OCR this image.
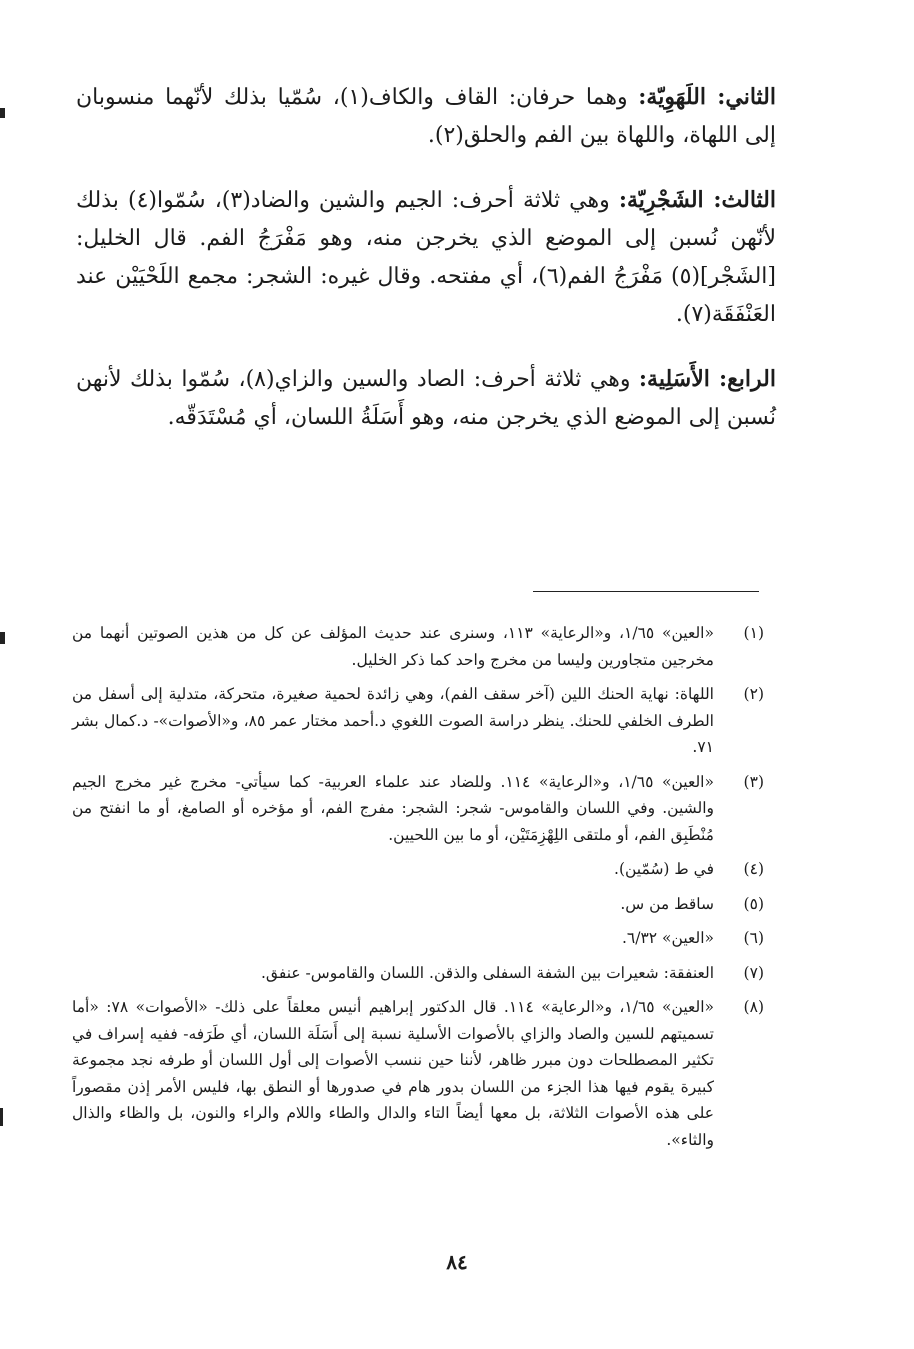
الثاني: اللَهَوِيّة: وهما حرفان: القاف والكاف(١)، سُمّيا بذلك لأنّهما منسوبان إلى اللهاة، واللهاة بين الفم والحلق(٢).

الثالث: الشَجْرِيّة: وهي ثلاثة أحرف: الجيم والشين والضاد(٣)، سُمّوا(٤) بذلك لأنّهن نُسبن إلى الموضع الذي يخرجن منه، وهو مَفْرَجُ الفم. قال الخليل: [الشَجْر](٥) مَفْرَجُ الفم(٦)، أي مفتحه. وقال غيره: الشجر: مجمع اللَحْيَيْن عند العَنْفَقَة(٧).

الرابع: الأَسَلِية: وهي ثلاثة أحرف: الصاد والسين والزاي(٨)، سُمّوا بذلك لأنهن نُسبن إلى الموضع الذي يخرجن منه، وهو أَسَلَةُ اللسان، أي مُسْتَدَقّه.

(١)
«العين» ١/٦٥، و«الرعاية» ١١٣، وسنرى عند حديث المؤلف عن كل من هذين الصوتين أنهما من مخرجين متجاورين وليسا من مخرج واحد كما ذكر الخليل.
(٢)
اللهاة: نهاية الحنك اللين (آخر سقف الفم)، وهي زائدة لحمية صغيرة، متحركة، متدلية إلى أسفل من الطرف الخلفي للحنك. ينظر دراسة الصوت اللغوي د.أحمد مختار عمر ٨٥، و«الأصوات»- د.كمال بشر ٧١.
(٣)
«العين» ١/٦٥، و«الرعاية» ١١٤. وللضاد عند علماء العربية- كما سيأتي- مخرج غير مخرج الجيم والشين. وفي اللسان والقاموس- شجر: الشجر: مفرج الفم، أو مؤخره أو الصامغ، أو ما انفتح من مُنْطَبِق الفم، أو ملتقى اللِهْزِمَتَيْن، أو ما بين اللحيين.
(٤)
في ط (سُمّين).
(٥)
ساقط من س.
(٦)
«العين» ٦/٣٢.
(٧)
العنفقة: شعيرات بين الشفة السفلى والذقن. اللسان والقاموس- عنفق.
(٨)
«العين» ١/٦٥، و«الرعاية» ١١٤. قال الدكتور إبراهيم أنيس معلقاً على ذلك- «الأصوات» ٧٨: «أما تسميتهم للسين والصاد والزاي بالأصوات الأسلية نسبة إلى أَسَلَة اللسان، أي طَرَفه- ففيه إسراف في تكثير المصطلحات دون مبرر ظاهر، لأننا حين ننسب الأصوات إلى أول اللسان أو طرفه نجد مجموعة كبيرة يقوم فيها هذا الجزء من اللسان بدور هام في صدورها أو النطق بها، فليس الأمر إذن مقصوراً على هذه الأصوات الثلاثة، بل معها أيضاً التاء والدال والطاء واللام والراء والنون، بل والظاء والذال والثاء».
٨٤
